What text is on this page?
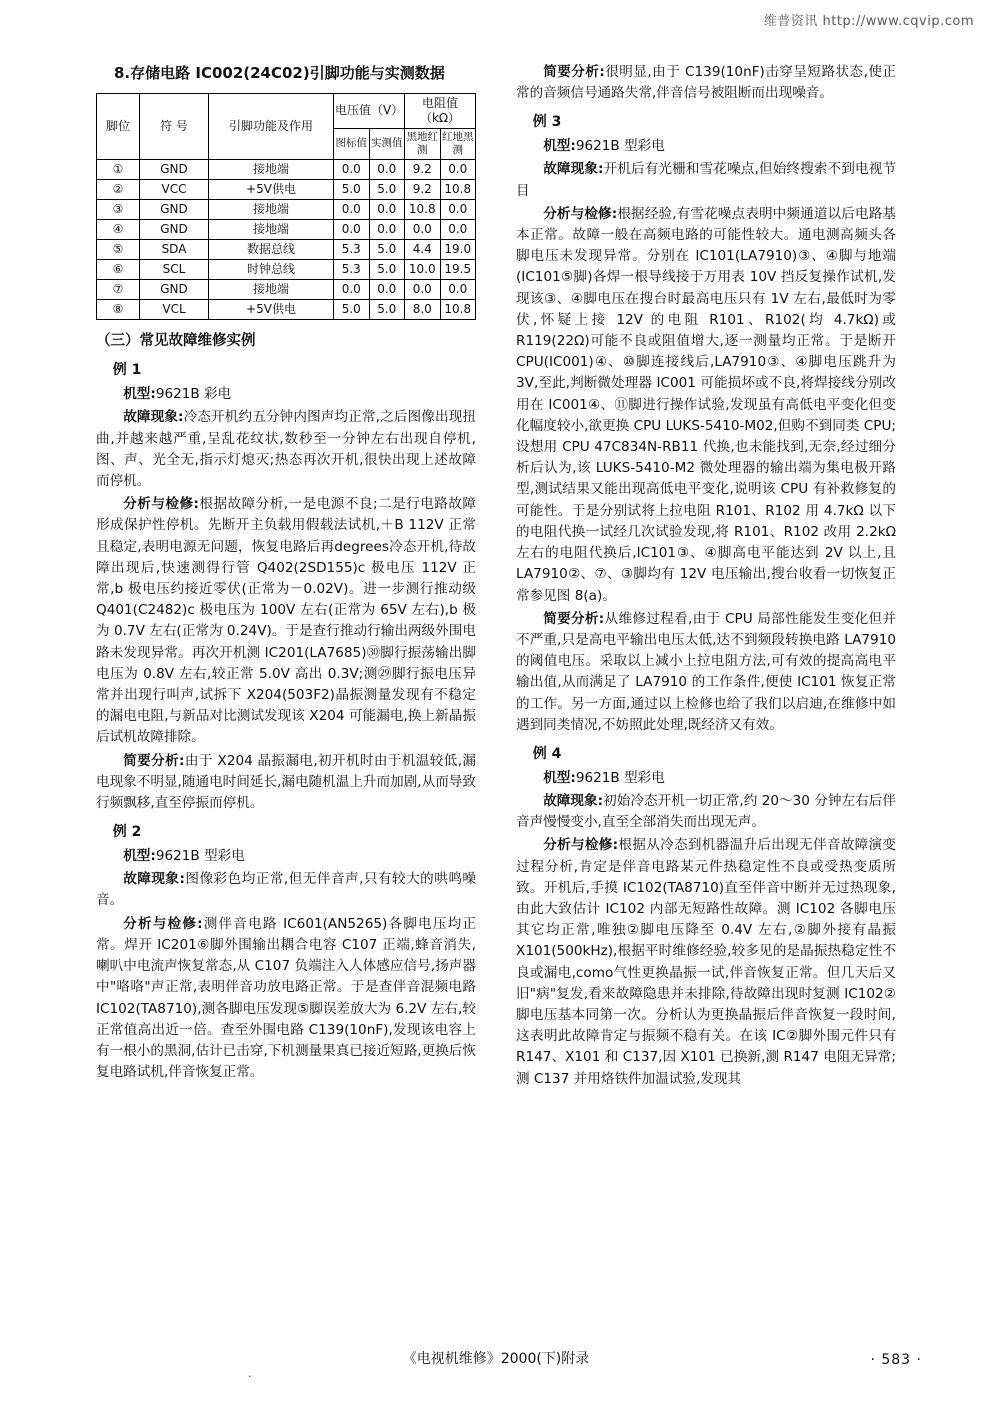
维普资讯 http://www.cqvip.com
8.存储电路 IC002(24C02)引脚功能与实测数据
脚位	符 号	引脚功能及作用	电压值（V）		电阻值（kΩ）	
			图标值	实测值	黑地红测	红地黑测
①	GND	接地端	0.0	0.0	9.2	0.0
②	VCC	+5V供电	5.0	5.0	9.2	10.8
③	GND	接地端	0.0	0.0	10.8	0.0
④	GND	接地端	0.0	0.0	0.0	0.0
⑤	SDA	数据总线	5.3	5.0	4.4	19.0
⑥	SCL	时钟总线	5.3	5.0	10.0	19.5
⑦	GND	接地端	0.0	0.0	0.0	0.0
⑧	VCL	+5V供电	5.0	5.0	8.0	10.8
（三）常见故障维修实例
例 1

机型:9621B 彩电

故障现象:冷态开机约五分钟内图声均正常,之后图像出现扭曲,并越来越严重,呈乱花纹状,数秒至一分钟左右出现自停机,图、声、光全无,指示灯熄灭;热态再次开机,很快出现上述故障而停机。

分析与检修:根据故障分析,一是电源不良;二是行电路故障形成保护性停机。先断开主负载用假载法试机,＋B 112V 正常且稳定,表明电源无问题，恢复电路后再degrees冷态开机,待故障出现后,快速测得行管 Q402(2SD155)c 极电压 112V 正常,b 极电压约接近零伏(正常为－0.02V)。进一步测行推动级 Q401(C2482)c 极电压为 100V 左右(正常为 65V 左右),b 极为 0.7V 左右(正常为 0.24V)。于是查行推动行输出两级外围电路未发现异常。再次开机测 IC201(LA7685)㉚脚行振荡输出脚电压为 0.8V 左右,较正常 5.0V 高出 0.3V;测㉙脚行振电压异常并出现行叫声,试拆下 X204(503F2)晶振测量发现有不稳定的漏电电阻,与新品对比测试发现该 X204 可能漏电,换上新晶振后试机故障排除。

简要分析:由于 X204 晶振漏电,初开机时由于机温较低,漏电现象不明显,随通电时间延长,漏电随机温上升而加剧,从而导致行频飘移,直至停振而停机。

例 2

机型:9621B 型彩电

故障现象:图像彩色均正常,但无伴音声,只有较大的哄鸣噪音。

分析与检修:测伴音电路 IC601(AN5265)各脚电压均正常。焊开 IC201⑥脚外围输出耦合电容 C107 正端,蜂音消失,喇叭中电流声恢复常态,从 C107 负端注入人体感应信号,扬声器中"咯咯"声正常,表明伴音功放电路正常。于是查伴音混频电路 IC102(TA8710),测各脚电压发现⑤脚误差放大为 6.2V 左右,较正常值高出近一倍。查至外围电路 C139(10nF),发现该电容上有一根小的黑洞,估计已击穿,下机测量果真已接近短路,更换后恢复电路试机,伴音恢复正常。

简要分析:很明显,由于 C139(10nF)击穿呈短路状态,使正常的音频信号通路失常,伴音信号被阻断而出现噪音。

例 3

机型:9621B 型彩电

故障现象:开机后有光栅和雪花噪点,但始终搜索不到电视节目

分析与检修:根据经验,有雪花噪点表明中频通道以后电路基本正常。故障一般在高频电路的可能性较大。通电测高频头各脚电压未发现异常。分别在 IC101(LA7910)③、④脚与地端(IC101⑤脚)各焊一根导线接于万用表 10V 挡反复操作试机,发现该③、④脚电压在搜台时最高电压只有 1V 左右,最低时为零伏,怀疑上接 12V 的电阻 R101、R102(均 4.7kΩ)或 R119(22Ω)可能不良或阻值增大,逐一测量均正常。于是断开 CPU(IC001)④、⑩脚连接线后,LA7910③、④脚电压跳升为 3V,至此,判断微处理器 IC001 可能损坏或不良,将焊接线分别改用在 IC001④、⑪脚进行操作试验,发现虽有高低电平变化但变化幅度较小,欲更换 CPU LUKS-5410-M02,但购不到同类 CPU;设想用 CPU 47C834N-RB11 代换,也未能找到,无奈,经过细分析后认为,该 LUKS-5410-M2 微处理器的输出端为集电极开路型,测试结果又能出现高低电平变化,说明该 CPU 有补救修复的可能性。于是分别试将上拉电阻 R101、R102 用 4.7kΩ 以下的电阻代换一试经几次试验发现,将 R101、R102 改用 2.2kΩ 左右的电阻代换后,IC101③、④脚高电平能达到 2V 以上,且 LA7910②、⑦、③脚均有 12V 电压输出,搜台收看一切恢复正常参见图 8(a)。

简要分析:从维修过程看,由于 CPU 局部性能发生变化但并不严重,只是高电平输出电压太低,达不到频段转换电路 LA7910 的阈值电压。采取以上减小上拉电阻方法,可有效的提高高电平输出值,从而满足了 LA7910 的工作条件,便使 IC101 恢复正常的工作。另一方面,通过以上检修也给了我们以启迪,在维修中如遇到同类情况,不妨照此处理,既经济又有效。

例 4

机型:9621B 型彩电

故障现象:初始冷态开机一切正常,约 20～30 分钟左右后伴音声慢慢变小,直至全部消失而出现无声。

分析与检修:根据从冷态到机器温升后出现无伴音故障演变过程分析,肯定是伴音电路某元件热稳定性不良或受热变质所致。开机后,手摸 IC102(TA8710)直至伴音中断并无过热现象,由此大致估计 IC102 内部无短路性故障。测 IC102 各脚电压其它均正常,唯独②脚电压降至 0.4V 左右,②脚外接有晶振 X101(500kHz),根据平时维修经验,较多见的是晶振热稳定性不良或漏电,como气性更换晶振一试,伴音恢复正常。但几天后又旧"病"复发,看来故障隐患并未排除,待故障出现时复测 IC102②脚电压基本同第一次。分析认为更换晶振后伴音恢复一段时间,这表明此故障肯定与振频不稳有关。在该 IC②脚外围元件只有 R147、X101 和 C137,因 X101 已换新,测 R147 电阻无异常;测 C137 并用烙铁件加温试验,发现其

《电视机维修》2000(下)附录	· 583 ·
.
